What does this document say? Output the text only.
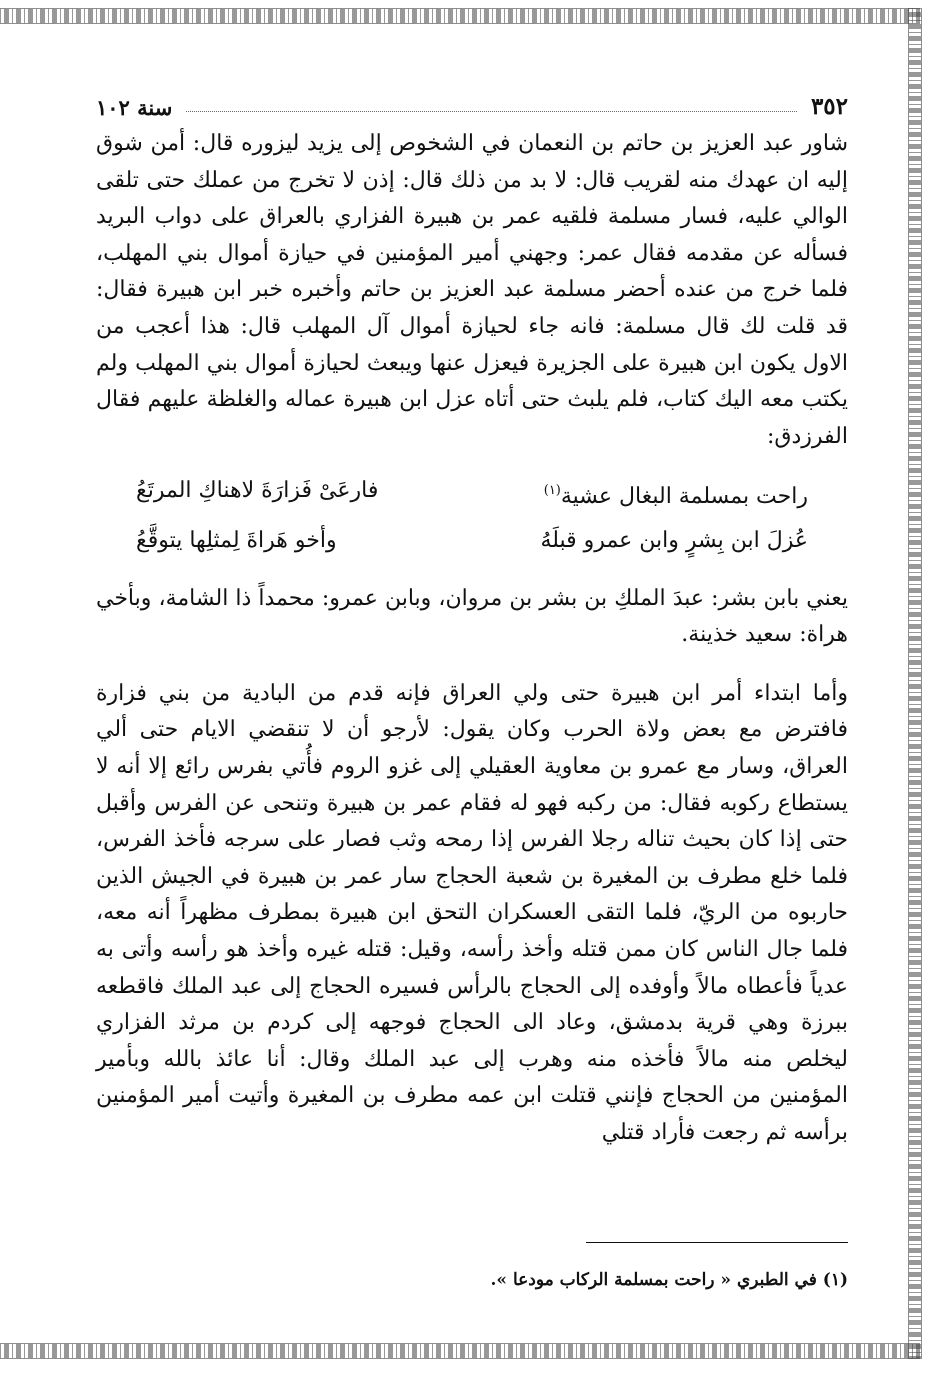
٣٥٢
سنة ١٠٢

شاور عبد العزيز بن حاتم بن النعمان في الشخوص إلى يزيد ليزوره قال: أمن شوق إليه ان عهدك منه لقريب قال: لا بد من ذلك قال: إذن لا تخرج من عملك حتى تلقى الوالي عليه، فسار مسلمة فلقيه عمر بن هبيرة الفزاري بالعراق على دواب البريد فسأله عن مقدمه فقال عمر: وجهني أمير المؤمنين في حيازة أموال بني المهلب، فلما خرج من عنده أحضر مسلمة عبد العزيز بن حاتم وأخبره خبر ابن هبيرة فقال: قد قلت لك قال مسلمة: فانه جاء لحيازة أموال آل المهلب قال: هذا أعجب من الاول يكون ابن هبيرة على الجزيرة فيعزل عنها ويبعث لحيازة أموال بني المهلب ولم يكتب معه اليك كتاب، فلم يلبث حتى أتاه عزل ابن هبيرة عماله والغلظة عليهم فقال الفرزدق:

راحت بمسلمة البغال عشية(١)
فارعَىْ فَزارَةَ لاهناكِ المرتَعُ
عُزلَ ابن بِشرٍ وابن عمرو قبلَهُ
وأخو هَراةَ لِمثلِها يتوقَّعُ

يعني بابن بشر: عبدَ الملكِ بن بشر بن مروان، وبابن عمرو: محمداً ذا الشامة، وبأخي هراة: سعيد خذينة.

وأما ابتداء أمر ابن هبيرة حتى ولي العراق فإنه قدم من البادية من بني فزارة فافترض مع بعض ولاة الحرب وكان يقول: لأرجو أن لا تنقضي الايام حتى ألي العراق، وسار مع عمرو بن معاوية العقيلي إلى غزو الروم فأُتي بفرس رائع إلا أنه لا يستطاع ركوبه فقال: من ركبه فهو له فقام عمر بن هبيرة وتنحى عن الفرس وأقبل حتى إذا كان بحيث تناله رجلا الفرس إذا رمحه وثب فصار على سرجه فأخذ الفرس، فلما خلع مطرف بن المغيرة بن شعبة الحجاج سار عمر بن هبيرة في الجيش الذين حاربوه من الريّ، فلما التقى العسكران التحق ابن هبيرة بمطرف مظهراً أنه معه، فلما جال الناس كان ممن قتله وأخذ رأسه، وقيل: قتله غيره وأخذ هو رأسه وأتى به عدياً فأعطاه مالاً وأوفده إلى الحجاج بالرأس فسيره الحجاج إلى عبد الملك فاقطعه ببرزة وهي قرية بدمشق، وعاد الى الحجاج فوجهه إلى كردم بن مرثد الفزاري ليخلص منه مالاً فأخذه منه وهرب إلى عبد الملك وقال: أنا عائذ بالله وبأمير المؤمنين من الحجاج فإنني قتلت ابن عمه مطرف بن المغيرة وأتيت أمير المؤمنين برأسه ثم رجعت فأراد قتلي

(١) في الطبري « راحت بمسلمة الركاب مودعا ».
